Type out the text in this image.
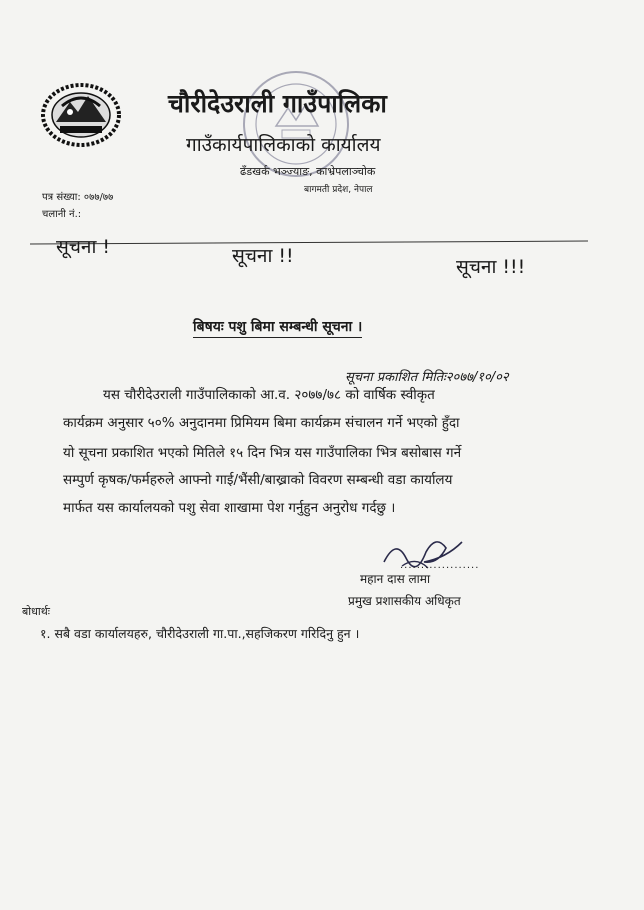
चौरीदेउराली गाउँपालिका
गाउँकार्यपालिकाको कार्यालय
ढँडखर्क भञ्ज्याङ, काभ्रेपलाञ्चोक
बागमती प्रदेश, नेपाल
पत्र संख्या: ०७७/७७
चलानी नं.:
सूचना !	सूचना !!	सूचना !!!
बिषयः पशु बिमा सम्बन्धी सूचना ।
सूचना प्रकाशित मितिः२०७७/१०/०२
यस चौरीदेउराली गाउँपालिकाको आ.व. २०७७/७८ को वार्षिक स्वीकृत
कार्यक्रम अनुसार ५०% अनुदानमा प्रिमियम बिमा कार्यक्रम संचालन गर्ने भएको हुँदा
यो सूचना प्रकाशित भएको मितिले १५ दिन भित्र यस गाउँपालिका भित्र बसोबास गर्ने
सम्पुर्ण कृषक/फर्महरुले आफ्नो गाई/भैंसी/बाख्राको विवरण सम्बन्धी वडा कार्यालय
मार्फत यस कार्यालयको पशु सेवा शाखामा पेश गर्नुहुन अनुरोध गर्दछु ।
...................
महान दास लामा
प्रमुख प्रशासकीय अधिकृत
बोधार्थः
१. सबै वडा कार्यालयहरु, चौरीदेउराली गा.पा.,सहजिकरण गरिदिनु हुन ।
